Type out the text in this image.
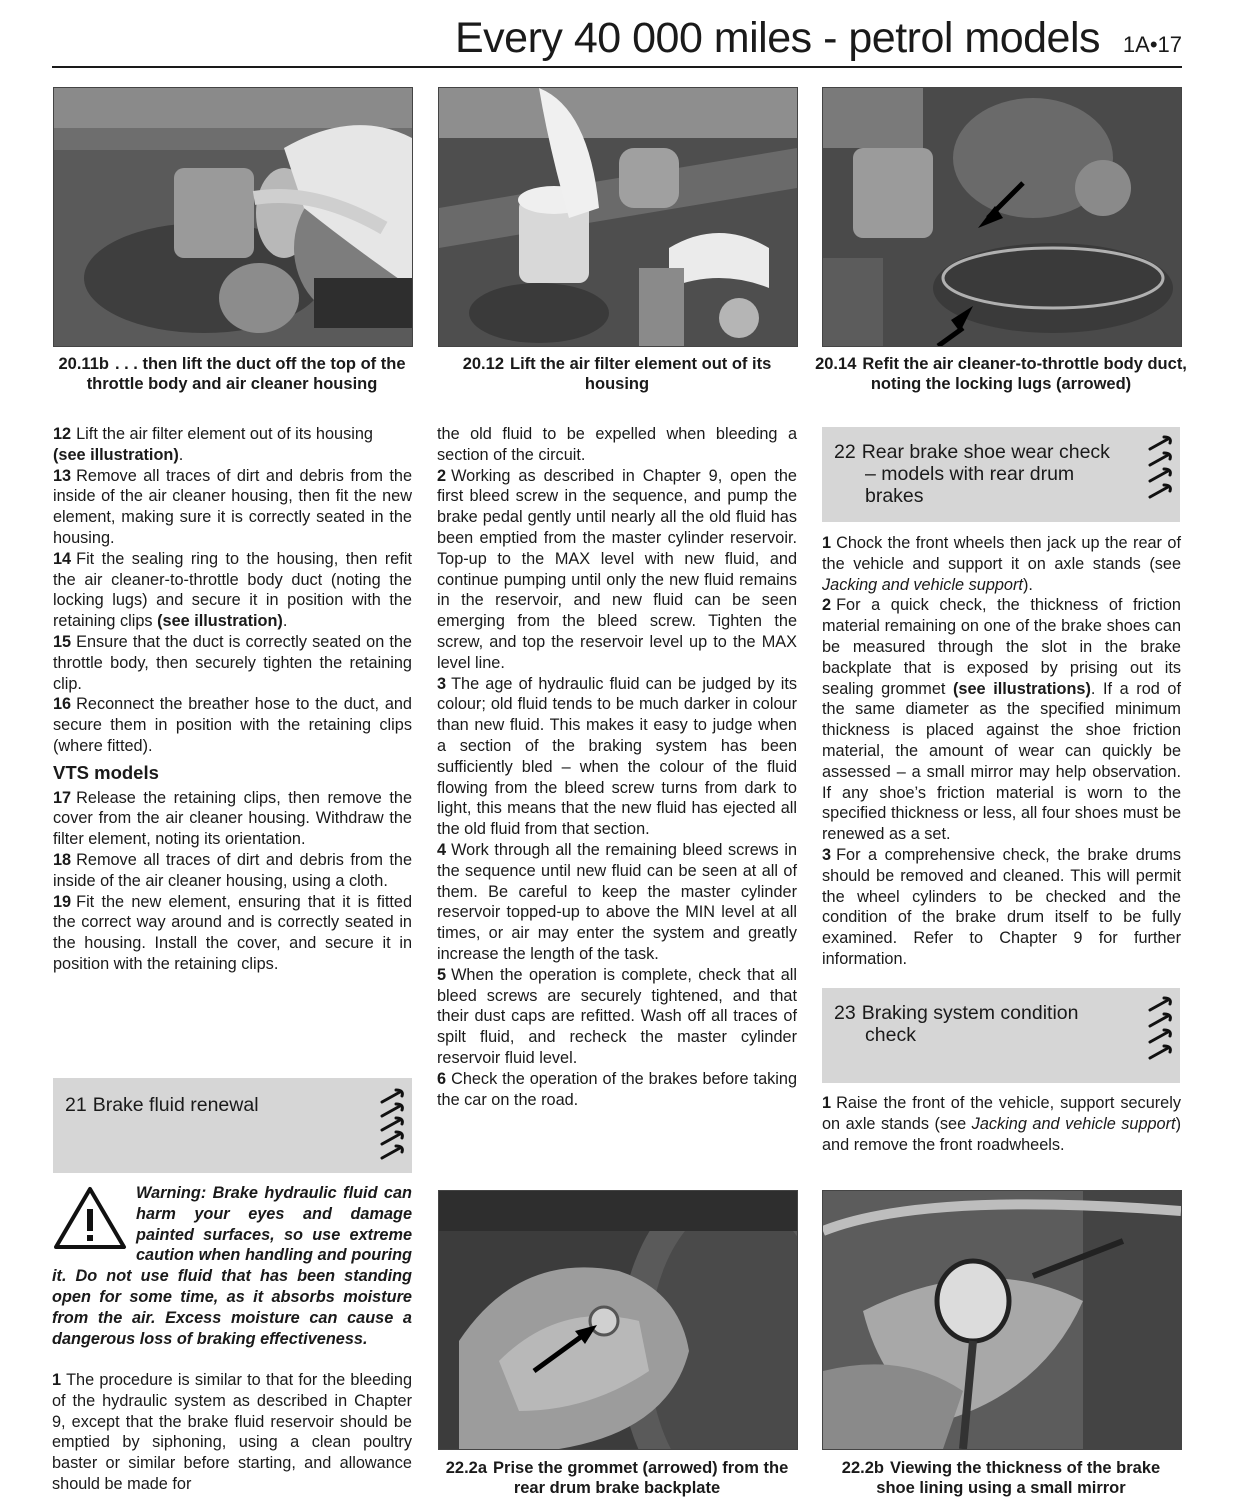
Every 40 000 miles - petrol models 1A•17
20.11b . . . then lift the duct off the top of the throttle body and air cleaner housing
20.12 Lift the air filter element out of its housing
20.14 Refit the air cleaner-to-throttle body duct, noting the locking lugs (arrowed)

12 Lift the air filter element out of its housing
(see illustration).

13 Remove all traces of dirt and debris from the inside of the air cleaner housing, then fit the new element, making sure it is correctly seated in the housing.

14 Fit the sealing ring to the housing, then refit the air cleaner-to-throttle body duct (noting the locking lugs) and secure it in position with the retaining clips (see illustration).

15 Ensure that the duct is correctly seated on the throttle body, then securely tighten the retaining clip.

16 Reconnect the breather hose to the duct, and secure them in position with the retaining clips (where fitted).

VTS models

17 Release the retaining clips, then remove the cover from the air cleaner housing. Withdraw the filter element, noting its orientation.

18 Remove all traces of dirt and debris from the inside of the air cleaner housing, using a cloth.

19 Fit the new element, ensuring that it is fitted the correct way around and is correctly seated in the housing. Install the cover, and secure it in position with the retaining clips.

21 Brake fluid renewal

Warning: Brake hydraulic fluid can harm your eyes and damage painted surfaces, so use extreme caution when handling and pouring it. Do not use fluid that has been standing open for some time, as it absorbs moisture from the air. Excess moisture can cause a dangerous loss of braking effectiveness.

1 The procedure is similar to that for the bleeding of the hydraulic system as described in Chapter 9, except that the brake fluid reservoir should be emptied by siphoning, using a clean poultry baster or similar before starting, and allowance should be made for

the old fluid to be expelled when bleeding a section of the circuit.

2 Working as described in Chapter 9, open the first bleed screw in the sequence, and pump the brake pedal gently until nearly all the old fluid has been emptied from the master cylinder reservoir. Top-up to the MAX level with new fluid, and continue pumping until only the new fluid remains in the reservoir, and new fluid can be seen emerging from the bleed screw. Tighten the screw, and top the reservoir level up to the MAX level line.

3 The age of hydraulic fluid can be judged by its colour; old fluid tends to be much darker in colour than new fluid. This makes it easy to judge when a section of the braking system has been sufficiently bled – when the colour of the fluid flowing from the bleed screw turns from dark to light, this means that the new fluid has ejected all the old fluid from that section.

4 Work through all the remaining bleed screws in the sequence until new fluid can be seen at all of them. Be careful to keep the master cylinder reservoir topped-up to above the MIN level at all times, or air may enter the system and greatly increase the length of the task.

5 When the operation is complete, check that all bleed screws are securely tightened, and that their dust caps are refitted. Wash off all traces of spilt fluid, and recheck the master cylinder reservoir fluid level.

6 Check the operation of the brakes before taking the car on the road.

22 Rear brake shoe wear check
– models with rear drum
brakes

1 Chock the front wheels then jack up the rear of the vehicle and support it on axle stands (see Jacking and vehicle support).

2 For a quick check, the thickness of friction material remaining on one of the brake shoes can be measured through the slot in the brake backplate that is exposed by prising out its sealing grommet (see illustrations). If a rod of the same diameter as the specified minimum thickness is placed against the shoe friction material, the amount of wear can quickly be assessed – a small mirror may help observation. If any shoe’s friction material is worn to the specified thickness or less, all four shoes must be renewed as a set.

3 For a comprehensive check, the brake drums should be removed and cleaned. This will permit the wheel cylinders to be checked and the condition of the brake drum itself to be fully examined. Refer to Chapter 9 for further information.

23 Braking system condition
check

1 Raise the front of the vehicle, support securely on axle stands (see Jacking and vehicle support) and remove the front roadwheels.

22.2a Prise the grommet (arrowed) from the rear drum brake backplate
22.2b Viewing the thickness of the brake shoe lining using a small mirror
